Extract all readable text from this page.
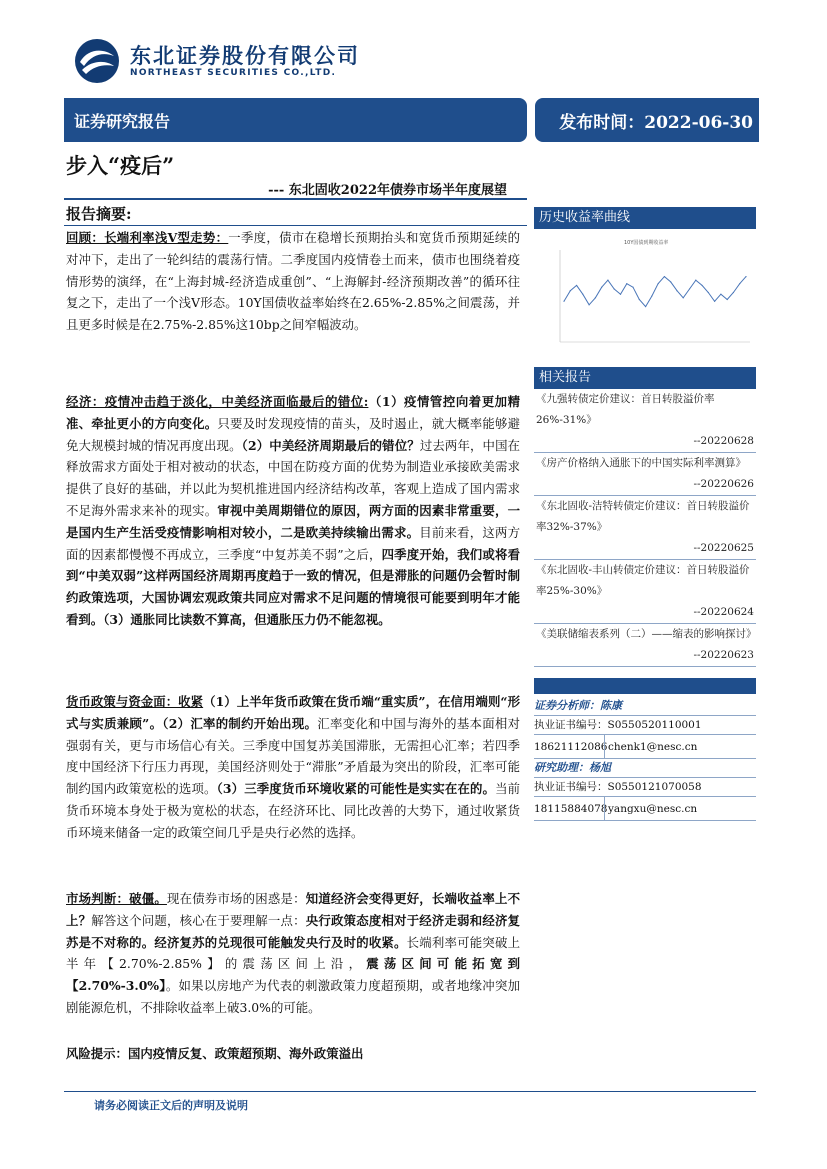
东北证券股份有限公司
NORTHEAST SECURITIES CO.,LTD.
证券研究报告	发布时间：2022-06-30
步入“疫后”
--- 东北固收2022年债券市场半年度展望
报告摘要:
回顾：长端利率浅V型走势：一季度，债市在稳增长预期抬头和宽货币预期延续的对冲下，走出了一轮纠结的震荡行情。二季度国内疫情卷土而来，债市也围绕着疫情形势的演绎，在“上海封城-经济造成重创”、“上海解封-经济预期改善”的循环往复之下，走出了一个浅V形态。10Y国债收益率始终在2.65%-2.85%之间震荡，并且更多时候是在2.75%-2.85%这10bp之间窄幅波动。
经济：疫情冲击趋于淡化，中美经济面临最后的错位:（1）疫情管控向着更加精准、牵扯更小的方向变化。只要及时发现疫情的苗头，及时遏止，就大概率能够避免大规模封城的情况再度出现。（2）中美经济周期最后的错位？过去两年，中国在释放需求方面处于相对被动的状态，中国在防疫方面的优势为制造业承接欧美需求提供了良好的基础，并以此为契机推进国内经济结构改革，客观上造成了国内需求不足海外需求来补的现实。审视中美周期错位的原因，两方面的因素非常重要，一是国内生产生活受疫情影响相对较小，二是欧美持续输出需求。目前来看，这两方面的因素都慢慢不再成立，三季度“中复苏美不弱”之后，四季度开始，我们或将看到“中美双弱”这样两国经济周期再度趋于一致的情况，但是滞胀的问题仍会暂时制约政策选项，大国协调宏观政策共同应对需求不足问题的情境很可能要到明年才能看到。（3）通胀同比读数不算高，但通胀压力仍不能忽视。
货币政策与资金面：收紧（1）上半年货币政策在货币端“重实质”，在信用端则“形式与实质兼顾”。（2）汇率的制约开始出现。汇率变化和中国与海外的基本面相对强弱有关，更与市场信心有关。三季度中国复苏美国滞胀，无需担心汇率；若四季度中国经济下行压力再现，美国经济则处于“滞胀”矛盾最为突出的阶段，汇率可能制约国内政策宽松的选项。（3）三季度货币环境收紧的可能性是实实在在的。当前货币环境本身处于极为宽松的状态，在经济环比、同比改善的大势下，通过收紧货币环境来储备一定的政策空间几乎是央行必然的选择。
市场判断：破僵。现在债券市场的困惑是：知道经济会变得更好，长端收益率上不上？解答这个问题，核心在于要理解一点：央行政策态度相对于经济走弱和经济复苏是不对称的。经济复苏的兑现很可能触发央行及时的收紧。长端利率可能突破上半年【2.70%-2.85%】的震荡区间上沿，震荡区间可能拓宽到【2.70%-3.0%】。如果以房地产为代表的刺激政策力度超预期，或者地缘冲突加剧能源危机，不排除收益率上破3.0%的可能。
风险提示：国内疫情反复、政策超预期、海外政策溢出
历史收益率曲线
10Y国债到期收益率
相关报告
《九强转债定价建议：首日转股溢价率26%-31%》
--20220628
《房产价格纳入通胀下的中国实际利率测算》
--20220626
《东北固收-洁特转债定价建议：首日转股溢价率32%-37%》
--20220625
《东北固收-丰山转债定价建议：首日转股溢价率25%-30%》
--20220624
《美联储缩表系列（二）——缩表的影响探讨》
--20220623
证券分析师：陈康
执业证书编号：S0550520110001
18621112086 chenk1@nesc.cn
研究助理：杨旭
执业证书编号：S0550121070058
18115884078 yangxu@nesc.cn
请务必阅读正文后的声明及说明
